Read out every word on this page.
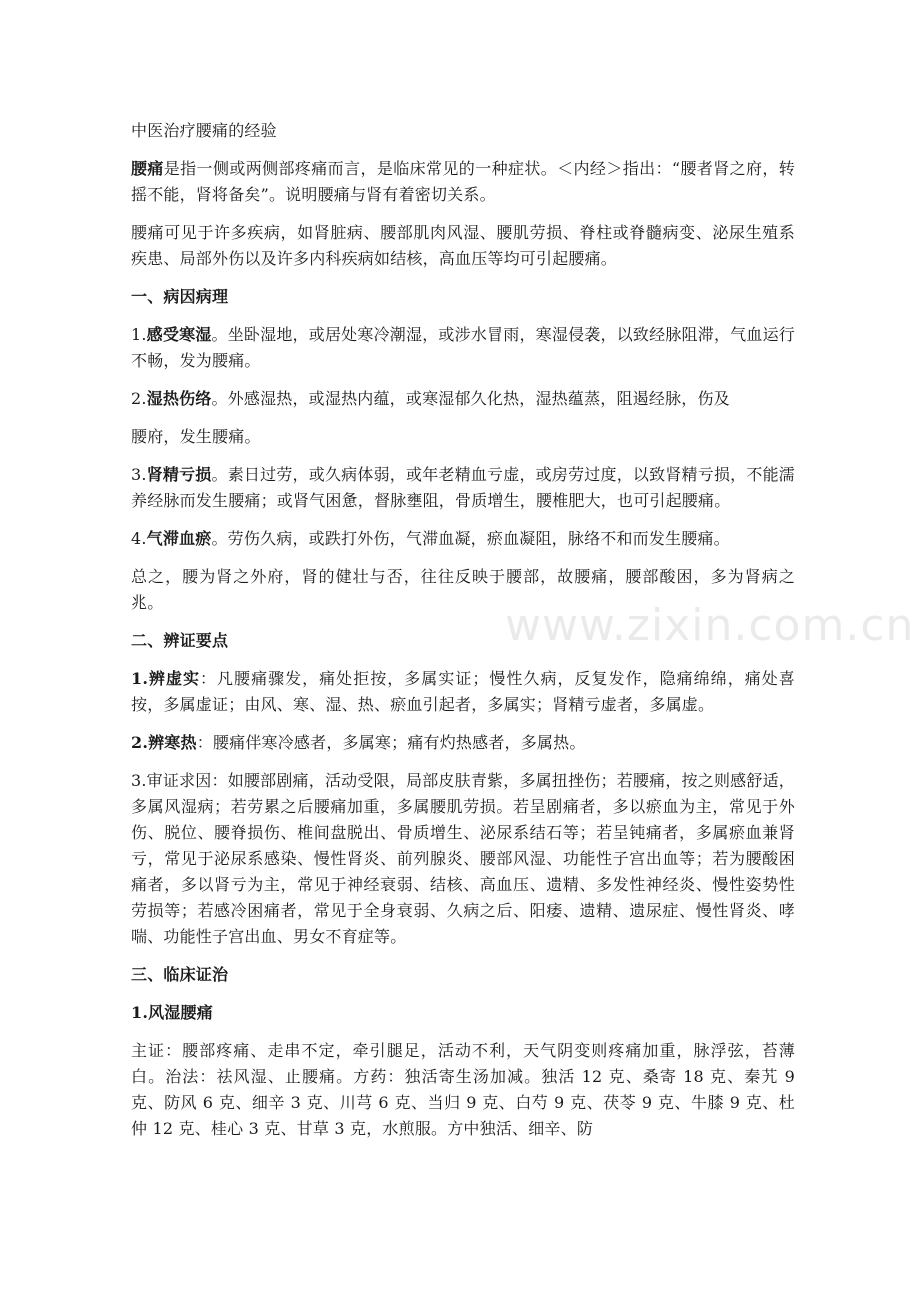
中医治疗腰痛的经验

腰痛是指一侧或两侧部疼痛而言，是临床常见的一种症状。＜内经＞指出：“腰者肾之府，转摇不能，肾将备矣”。说明腰痛与肾有着密切关系。

腰痛可见于许多疾病，如肾脏病、腰部肌肉风湿、腰肌劳损、脊柱或脊髓病变、泌尿生殖系疾患、局部外伤以及许多内科疾病如结核，高血压等均可引起腰痛。

一、病因病理

1.感受寒湿。坐卧湿地，或居处寒冷潮湿，或涉水冒雨，寒湿侵袭，以致经脉阻滞，气血运行不畅，发为腰痛。

2.湿热伤络。外感湿热，或湿热内蕴，或寒湿郁久化热，湿热蕴蒸，阻遏经脉，伤及

腰府，发生腰痛。

3.肾精亏损。素日过劳，或久病体弱，或年老精血亏虚，或房劳过度，以致肾精亏损，不能濡养经脉而发生腰痛；或肾气困惫，督脉壅阻，骨质增生，腰椎肥大，也可引起腰痛。

4.气滞血瘀。劳伤久病，或跌打外伤，气滞血凝，瘀血凝阻，脉络不和而发生腰痛。

总之，腰为肾之外府，肾的健壮与否，往往反映于腰部，故腰痛，腰部酸困，多为肾病之兆。

二、辨证要点

1.辨虚实：凡腰痛骤发，痛处拒按，多属实证；慢性久病，反复发作，隐痛绵绵，痛处喜按，多属虚证；由风、寒、湿、热、瘀血引起者，多属实；肾精亏虚者，多属虚。

2.辨寒热：腰痛伴寒冷感者，多属寒；痛有灼热感者，多属热。

3.审证求因：如腰部剧痛，活动受限，局部皮肤青紫，多属扭挫伤；若腰痛，按之则感舒适，多属风湿病；若劳累之后腰痛加重，多属腰肌劳损。若呈剧痛者，多以瘀血为主，常见于外伤、脱位、腰脊损伤、椎间盘脱出、骨质增生、泌尿系结石等；若呈钝痛者，多属瘀血兼肾亏，常见于泌尿系感染、慢性肾炎、前列腺炎、腰部风湿、功能性子宫出血等；若为腰酸困痛者，多以肾亏为主，常见于神经衰弱、结核、高血压、遗精、多发性神经炎、慢性姿势性劳损等；若感冷困痛者，常见于全身衰弱、久病之后、阳痿、遗精、遗尿症、慢性肾炎、哮喘、功能性子宫出血、男女不育症等。

三、临床证治

1.风湿腰痛

主证：腰部疼痛、走串不定，牵引腿足，活动不利，天气阴变则疼痛加重，脉浮弦，苔薄白。治法：祛风湿、止腰痛。方药：独活寄生汤加减。独活 12 克、桑寄 18 克、秦艽 9 克、防风 6 克、细辛 3 克、川芎 6 克、当归 9 克、白芍 9 克、茯苓 9 克、牛膝 9 克、杜仲 12 克、桂心 3 克、甘草 3 克，水煎服。方中独活、细辛、防

www.zixin.com.cn
